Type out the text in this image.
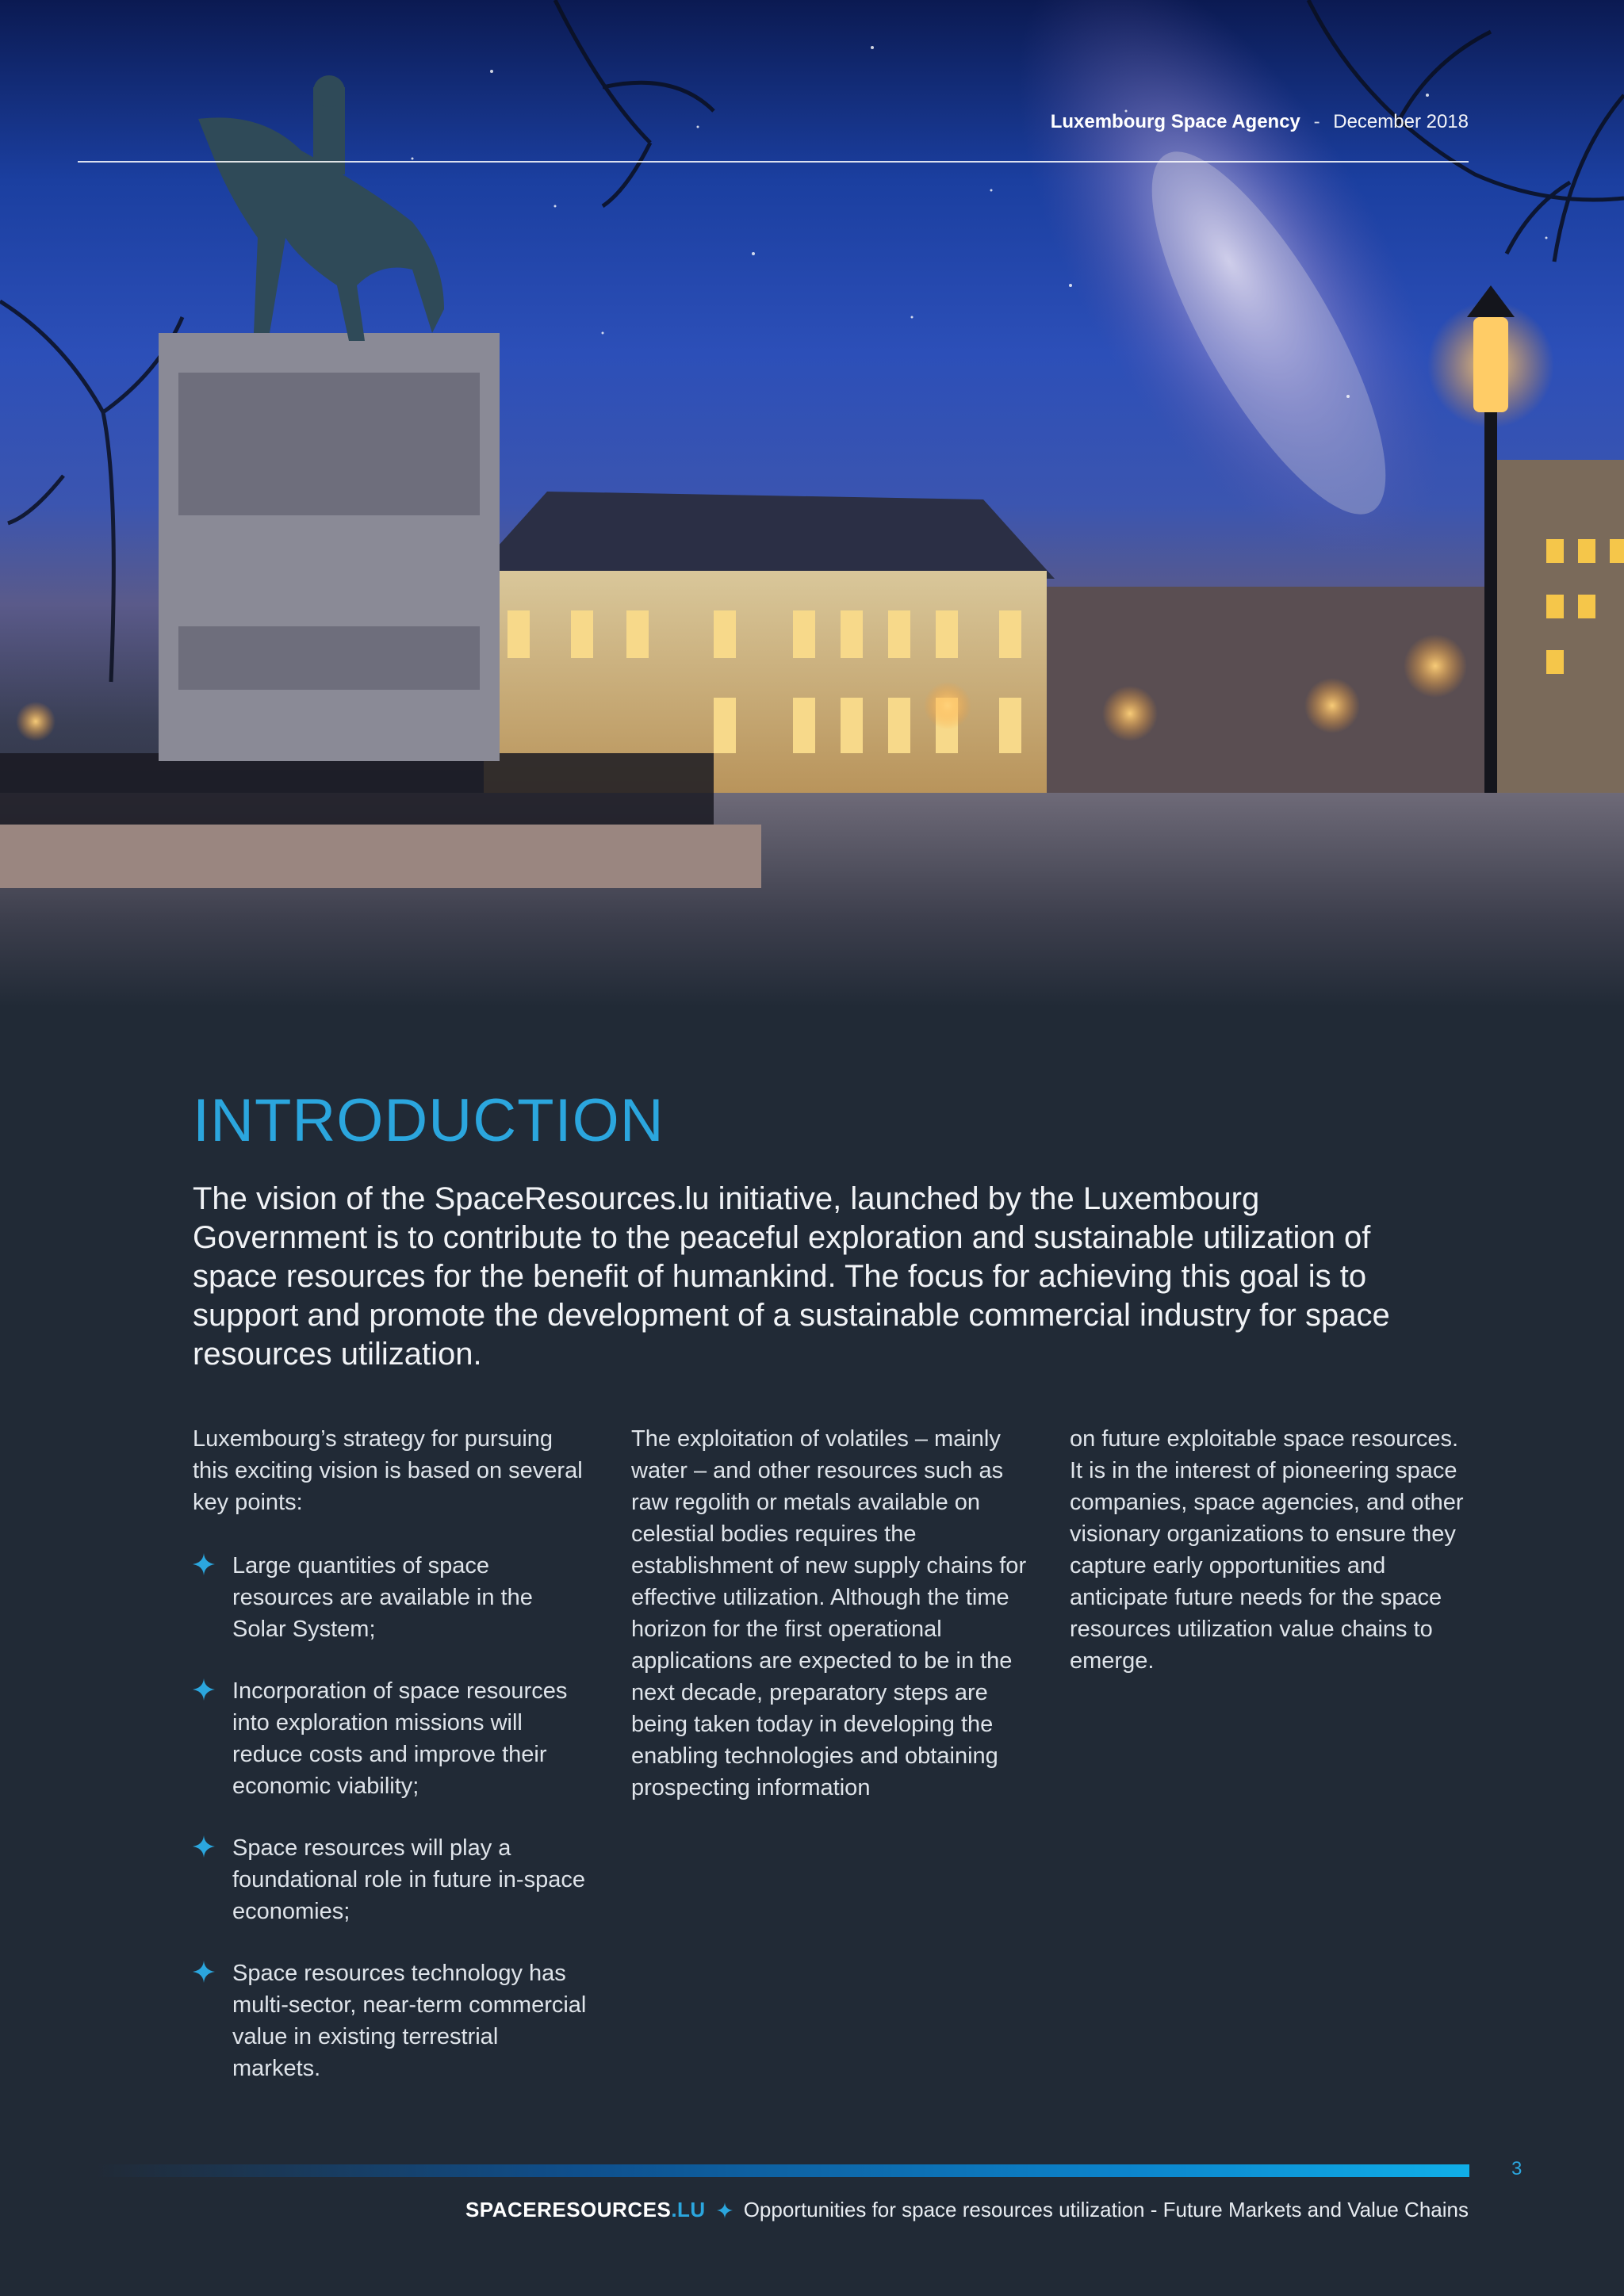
Luxembourg Space Agency - December 2018
INTRODUCTION

The vision of the SpaceResources.lu initiative, launched by the Luxembourg Government is to contribute to the peaceful exploration and sustainable utilization of space resources for the benefit of humankind. The focus for achieving this goal is to support and promote the development of a sustainable commercial industry for space resources utilization.

Luxembourg’s strategy for pursuing this exciting vision is based on several key points:

Large quantities of space resources are available in the Solar System;
Incorporation of space resources into exploration missions will reduce costs and improve their economic viability;
Space resources will play a foundational role in future in-space economies;
Space resources technology has multi-sector, near-term commercial value in existing terrestrial markets.

The exploitation of volatiles – mainly water – and other resources such as raw regolith or metals available on celestial bodies requires the establishment of new supply chains for effective utilization. Although the time horizon for the first operational applications are expected to be in the next decade, preparatory steps are being taken today in developing the enabling technologies and obtaining prospecting information

on future exploitable space resources. It is in the interest of pioneering space companies, space agencies, and other visionary organizations to ensure they capture early opportunities and anticipate future needs for the space resources utilization value chains to emerge.

3
SPACERESOURCES.LU Opportunities for space resources utilization - Future Markets and Value Chains
